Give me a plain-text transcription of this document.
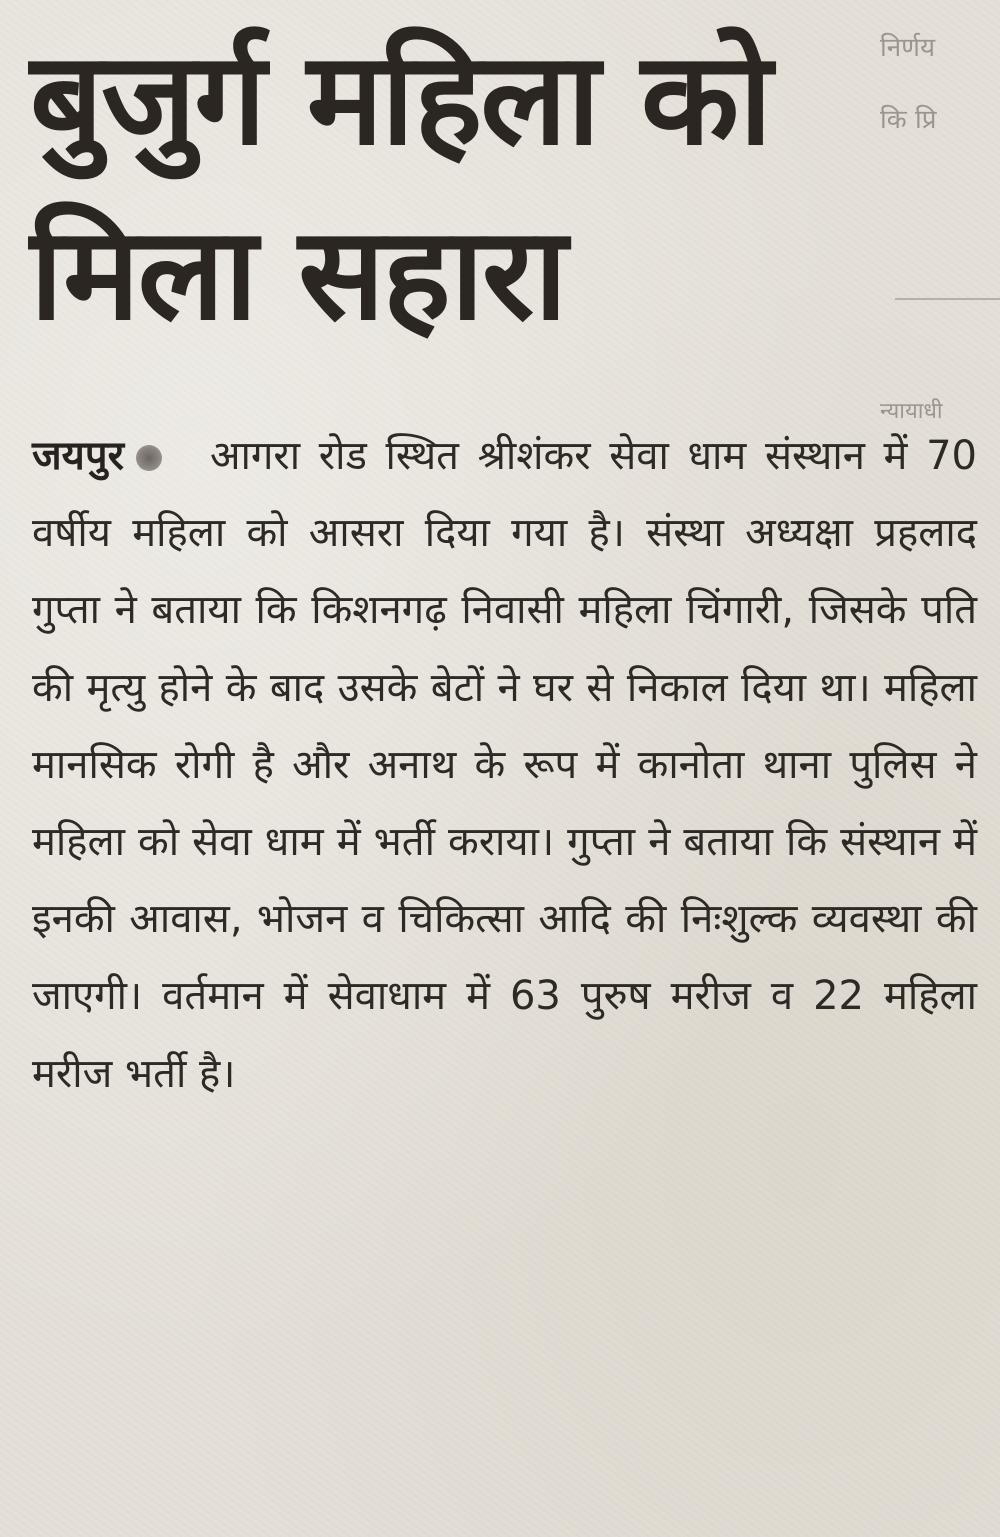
बुजुर्ग महिला को
मिला सहारा
निर्णय
कि प्रि
न्यायाधी

जयपुर आगरा रोड स्थित श्रीशंकर सेवा धाम संस्थान में 70 वर्षीय महिला को आसरा दिया गया है। संस्था अध्यक्षा प्रहलाद गुप्ता ने बताया कि किशनगढ़ निवासी महिला चिंगारी, जिसके पति की मृत्यु होने के बाद उसके बेटों ने घर से निकाल दिया था। महिला मानसिक रोगी है और अनाथ के रूप में कानोता थाना पुलिस ने महिला को सेवा धाम में भर्ती कराया। गुप्ता ने बताया कि संस्थान में इनकी आवास, भोजन व चिकित्सा आदि की निःशुल्क व्यवस्था की जाएगी। वर्तमान में सेवाधाम में 63 पुरुष मरीज व 22 महिला मरीज भर्ती है।
